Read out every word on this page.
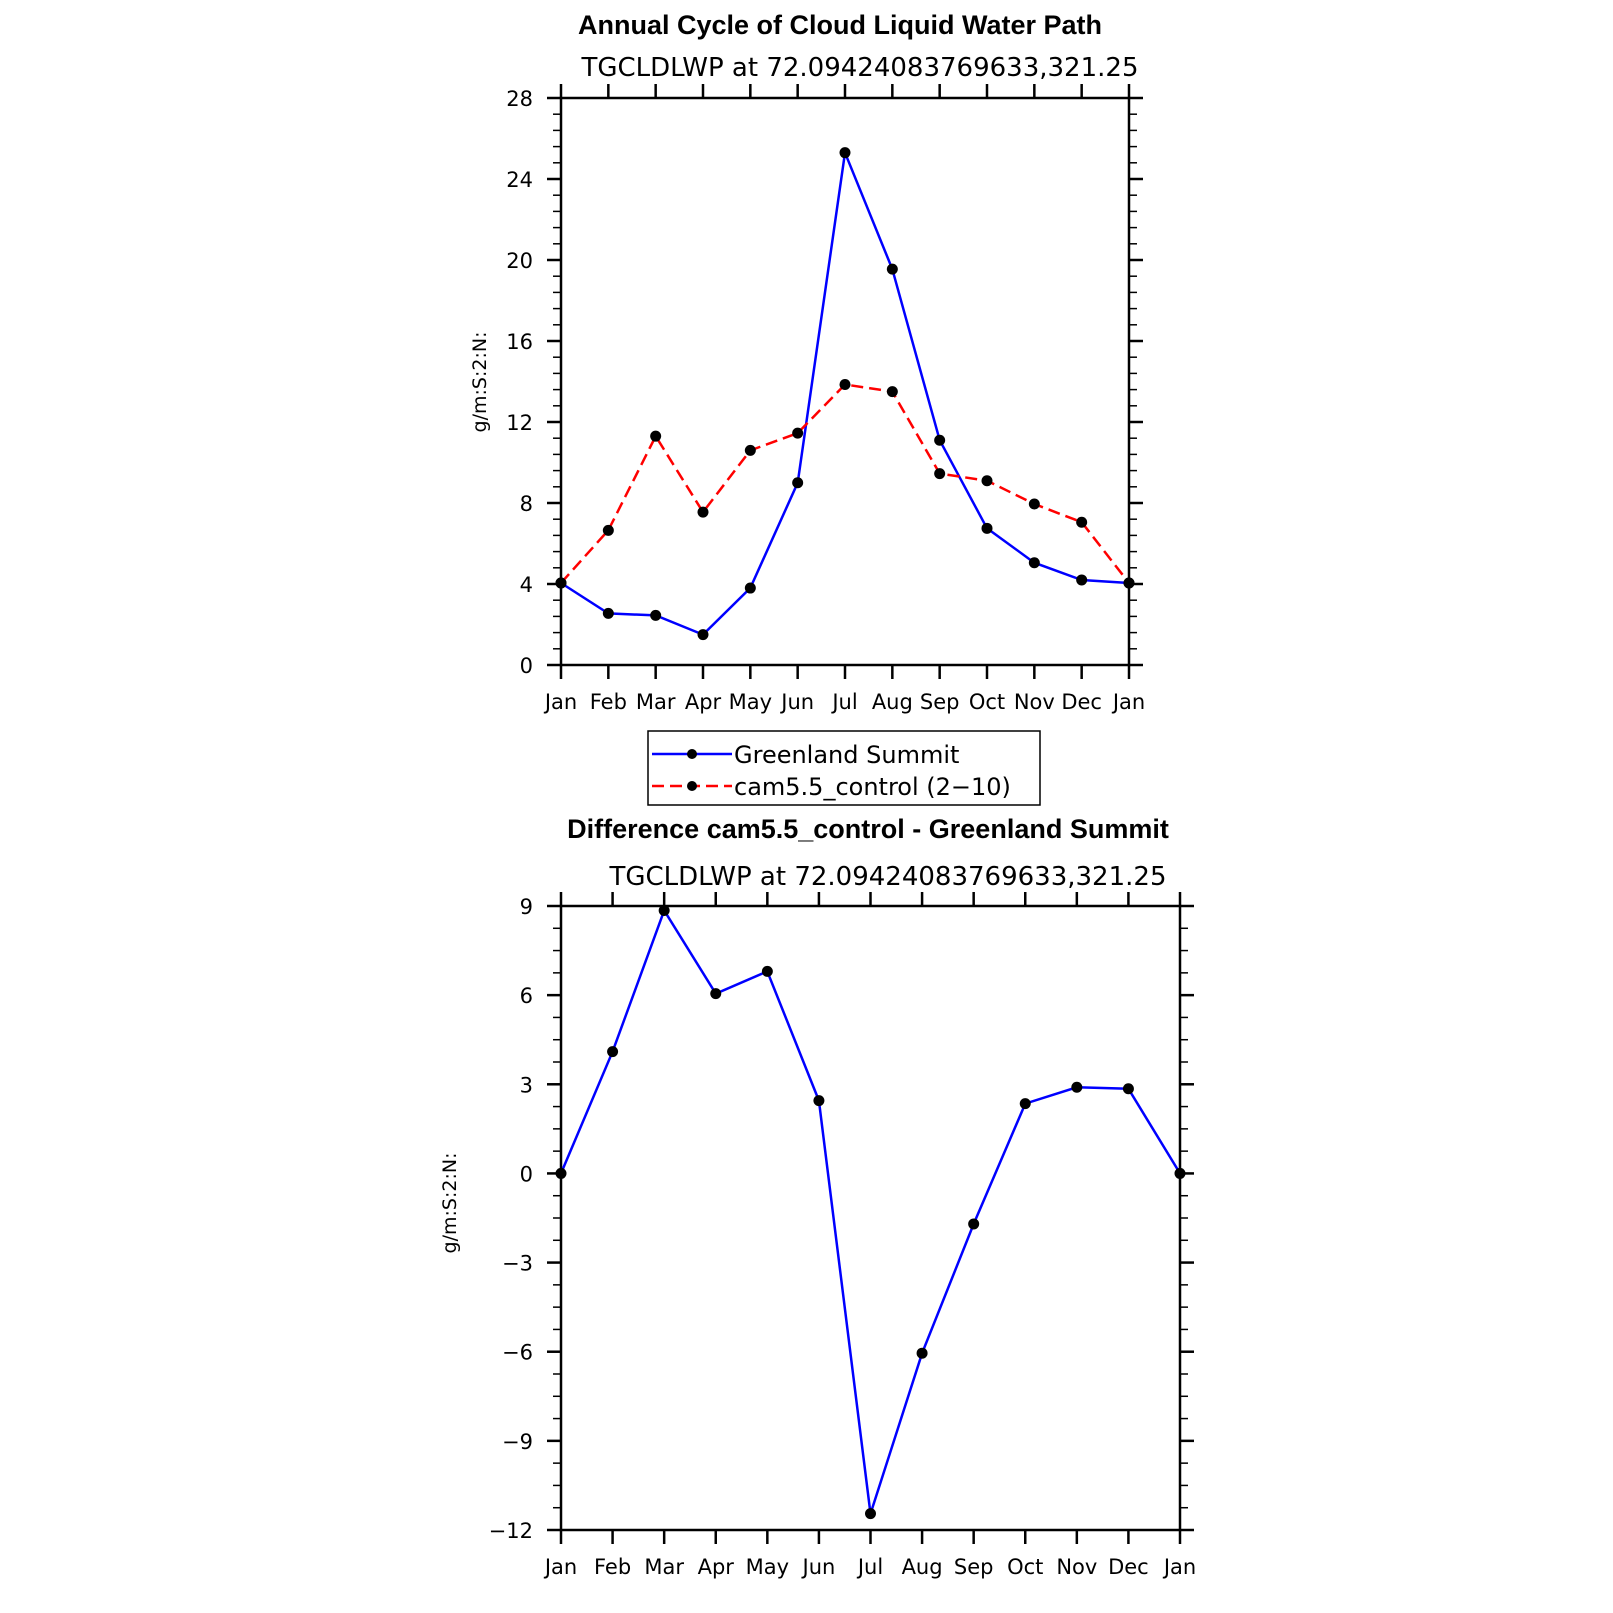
Annual Cycle of Cloud Liquid Water Path
TGCLDLWP at 72.09424083769633,321.25
g/m:S:2:N:
0
4
8
12
16
20
24
28
Jan Feb Mar Apr May Jun Jul Aug Sep Oct Nov Dec Jan
Greenland Summit
cam5.5_control (2−10)
Difference cam5.5_control - Greenland Summit
TGCLDLWP at 72.09424083769633,321.25
g/m:S:2:N:
−12
−9
−6
−3
0
3
6
9
Jan Feb Mar Apr May Jun Jul Aug Sep Oct Nov Dec Jan
